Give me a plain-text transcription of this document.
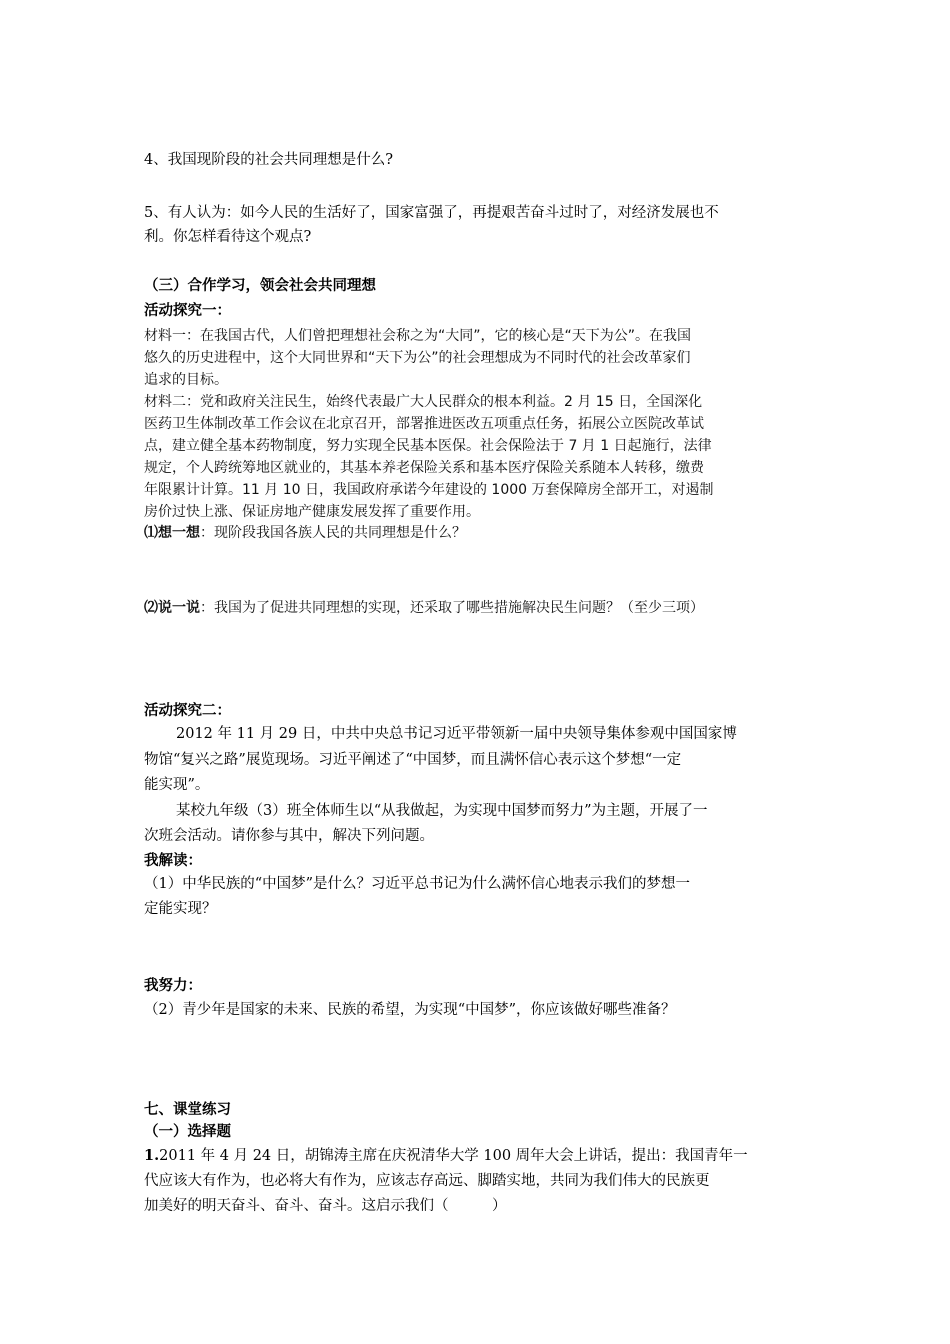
4、我国现阶段的社会共同理想是什么?
5、有人认为：如今人民的生活好了，国家富强了，再提艰苦奋斗过时了，对经济发展也不
利。你怎样看待这个观点?
（三）合作学习，领会社会共同理想
活动探究一：
材料一：在我国古代，人们曾把理想社会称之为“大同”，它的核心是“天下为公”。在我国
悠久的历史进程中，这个大同世界和“天下为公”的社会理想成为不同时代的社会改革家们
追求的目标。
材料二：党和政府关注民生，始终代表最广大人民群众的根本利益。2 月 15 日，全国深化
医药卫生体制改革工作会议在北京召开，部署推进医改五项重点任务，拓展公立医院改革试
点，建立健全基本药物制度，努力实现全民基本医保。社会保险法于 7 月 1 日起施行，法律
规定，个人跨统筹地区就业的，其基本养老保险关系和基本医疗保险关系随本人转移，缴费
年限累计计算。11 月 10 日，我国政府承诺今年建设的 1000 万套保障房全部开工，对遏制
房价过快上涨、保证房地产健康发展发挥了重要作用。
⑴想一想：现阶段我国各族人民的共同理想是什么？
⑵说一说：我国为了促进共同理想的实现，还采取了哪些措施解决民生问题？（至少三项）
活动探究二：
2012 年 11 月 29 日，中共中央总书记习近平带领新一届中央领导集体参观中国国家博
物馆“复兴之路”展览现场。习近平阐述了“中国梦，而且满怀信心表示这个梦想“一定
能实现”。
某校九年级（3）班全体师生以“从我做起，为实现中国梦而努力”为主题，开展了一
次班会活动。请你参与其中，解决下列问题。
我解读：
（1）中华民族的“中国梦”是什么？习近平总书记为什么满怀信心地表示我们的梦想一
定能实现？
我努力：
（2）青少年是国家的未来、民族的希望，为实现“中国梦”，你应该做好哪些准备？
七、课堂练习
（一）选择题
1.2011 年 4 月 24 日，胡锦涛主席在庆祝清华大学 100 周年大会上讲话，提出：我国青年一
代应该大有作为，也必将大有作为，应该志存高远、脚踏实地，共同为我们伟大的民族更
加美好的明天奋斗、奋斗、奋斗。这启示我们（　　　）
